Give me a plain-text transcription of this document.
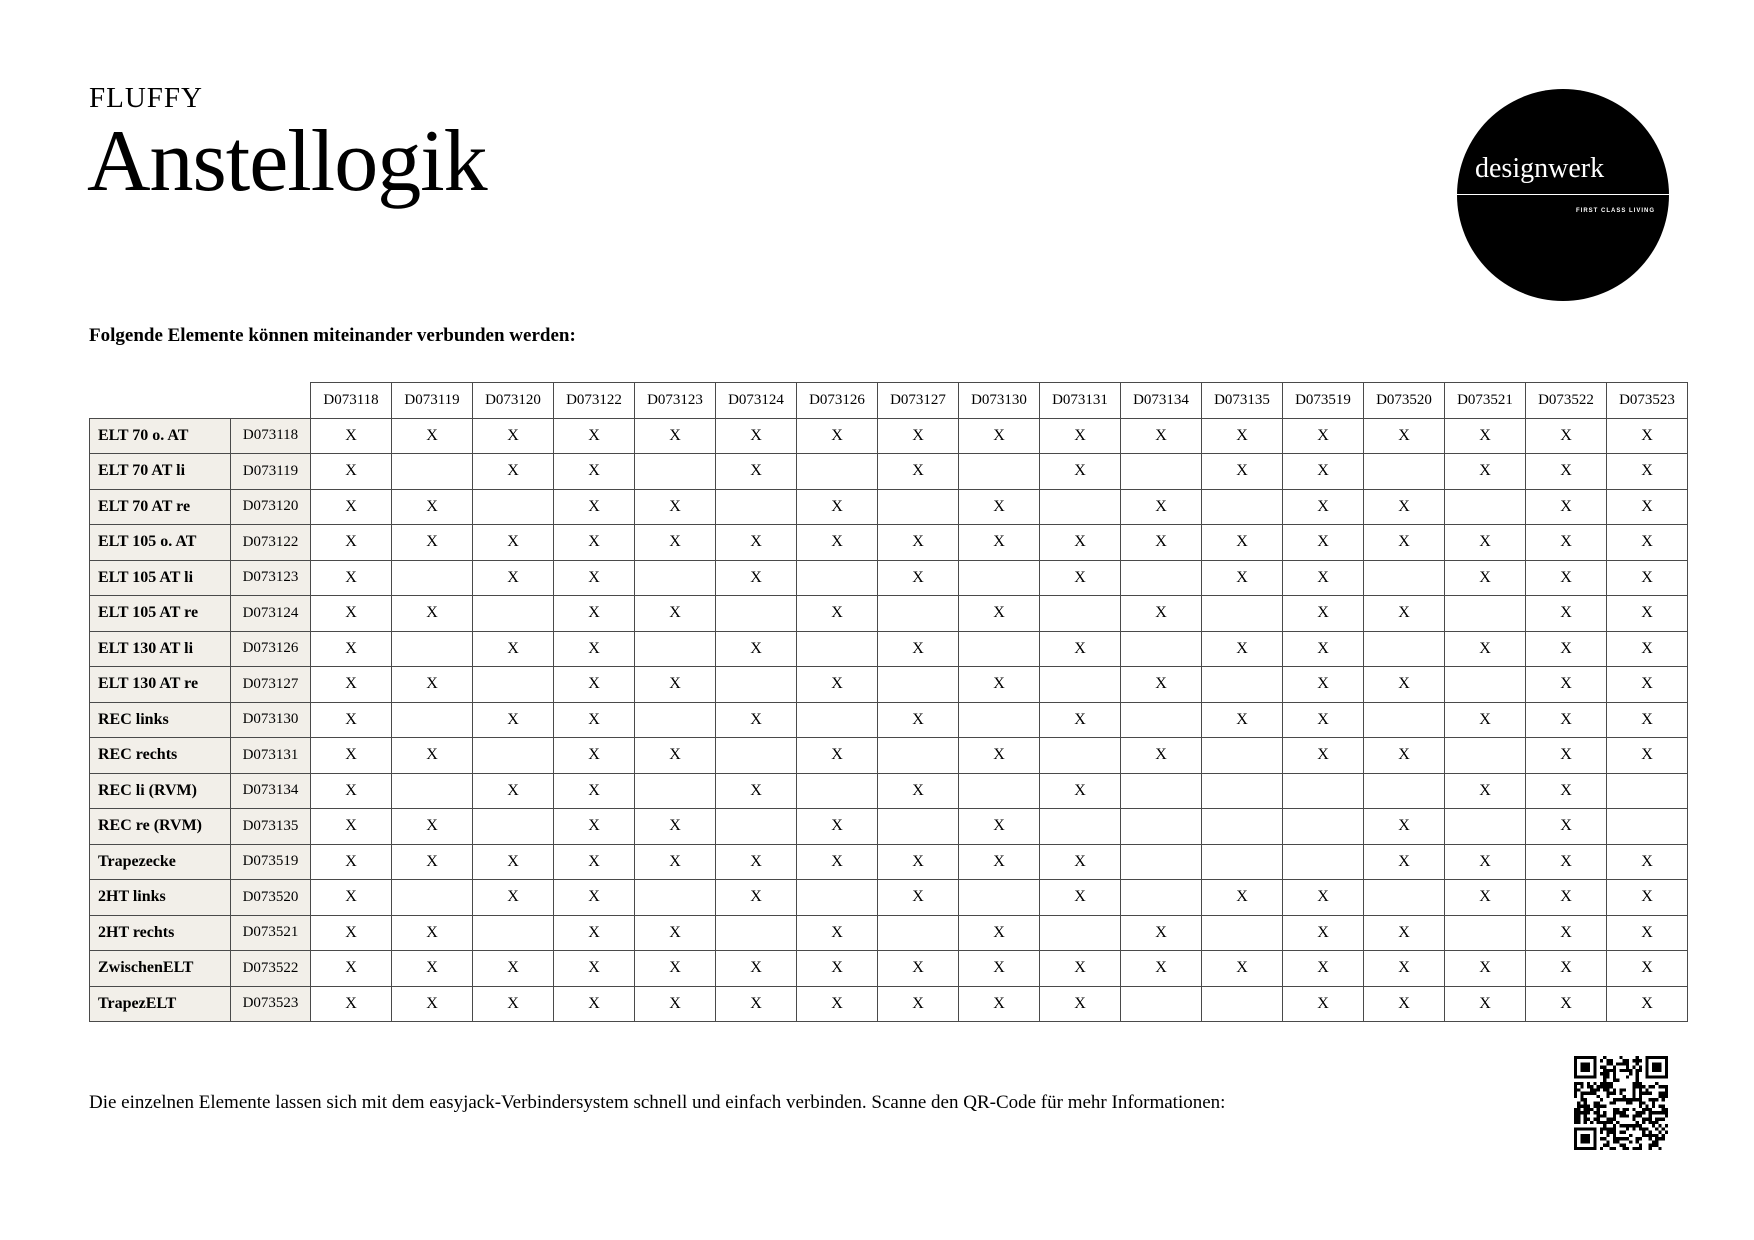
FLUFFY
Anstellogik	designwerk
FIRST CLASS LIVING
Folgende Elemente können miteinander verbunden werden:
		D073118	D073119	D073120	D073122	D073123	D073124	D073126	D073127	D073130	D073131	D073134	D073135	D073519	D073520	D073521	D073522	D073523
ELT 70 o. AT	D073118	X	X	X	X	X	X	X	X	X	X	X	X	X	X	X	X	X
ELT 70 AT li	D073119	X		X	X		X		X		X		X	X		X	X	X
ELT 70 AT re	D073120	X	X		X	X		X		X		X		X	X		X	X
ELT 105 o. AT	D073122	X	X	X	X	X	X	X	X	X	X	X	X	X	X	X	X	X
ELT 105 AT li	D073123	X		X	X		X		X		X		X	X		X	X	X
ELT 105 AT re	D073124	X	X		X	X		X		X		X		X	X		X	X
ELT 130 AT li	D073126	X		X	X		X		X		X		X	X		X	X	X
ELT 130 AT re	D073127	X	X		X	X		X		X		X		X	X		X	X
REC links	D073130	X		X	X		X		X		X		X	X		X	X	X
REC rechts	D073131	X	X		X	X		X		X		X		X	X		X	X
REC li (RVM)	D073134	X		X	X		X		X		X					X	X	
REC re (RVM)	D073135	X	X		X	X		X		X					X		X	
Trapezecke	D073519	X	X	X	X	X	X	X	X	X	X				X	X	X	X
2HT links	D073520	X		X	X		X		X		X		X	X		X	X	X
2HT rechts	D073521	X	X		X	X		X		X		X		X	X		X	X
ZwischenELT	D073522	X	X	X	X	X	X	X	X	X	X	X	X	X	X	X	X	X
TrapezELT	D073523	X	X	X	X	X	X	X	X	X	X			X	X	X	X	X
Die einzelnen Elemente lassen sich mit dem easyjack-Verbindersystem schnell und einfach verbinden. Scanne den QR-Code für mehr Informationen:
